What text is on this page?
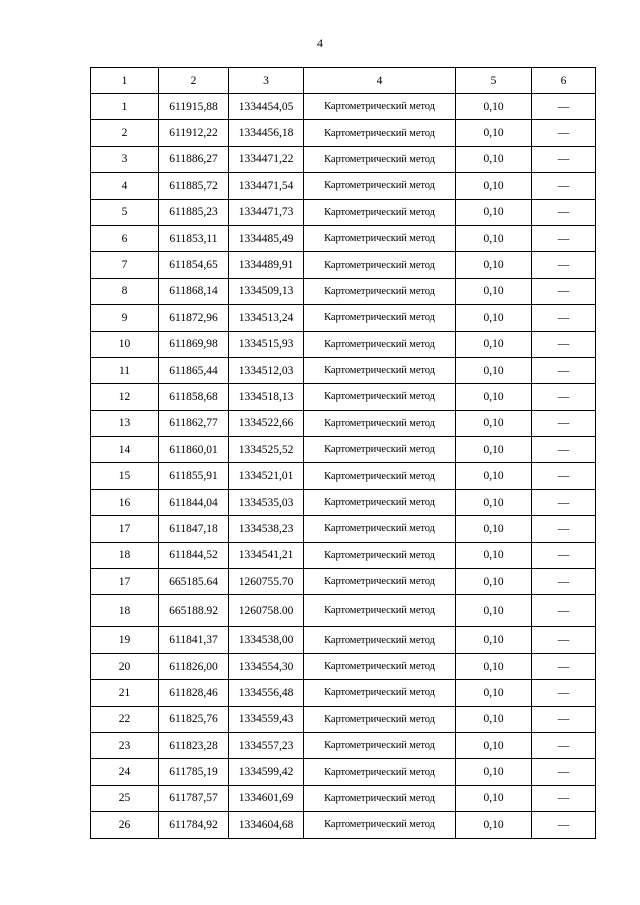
4
1	2	3	4	5	6
1	611915,88	1334454,05	Картометрический метод	0,10	—
2	611912,22	1334456,18	Картометрический метод	0,10	—
3	611886,27	1334471,22	Картометрический метод	0,10	—
4	611885,72	1334471,54	Картометрический метод	0,10	—
5	611885,23	1334471,73	Картометрический метод	0,10	—
6	611853,11	1334485,49	Картометрический метод	0,10	—
7	611854,65	1334489,91	Картометрический метод	0,10	—
8	611868,14	1334509,13	Картометрический метод	0,10	—
9	611872,96	1334513,24	Картометрический метод	0,10	—
10	611869,98	1334515,93	Картометрический метод	0,10	—
11	611865,44	1334512,03	Картометрический метод	0,10	—
12	611858,68	1334518,13	Картометрический метод	0,10	—
13	611862,77	1334522,66	Картометрический метод	0,10	—
14	611860,01	1334525,52	Картометрический метод	0,10	—
15	611855,91	1334521,01	Картометрический метод	0,10	—
16	611844,04	1334535,03	Картометрический метод	0,10	—
17	611847,18	1334538,23	Картометрический метод	0,10	—
18	611844,52	1334541,21	Картометрический метод	0,10	—
17	665185.64	1260755.70	Картометрический метод	0,10	—
18	665188.92	1260758.00	Картометрический метод	0,10	—
19	611841,37	1334538,00	Картометрический метод	0,10	—
20	611826,00	1334554,30	Картометрический метод	0,10	—
21	611828,46	1334556,48	Картометрический метод	0,10	—
22	611825,76	1334559,43	Картометрический метод	0,10	—
23	611823,28	1334557,23	Картометрический метод	0,10	—
24	611785,19	1334599,42	Картометрический метод	0,10	—
25	611787,57	1334601,69	Картометрический метод	0,10	—
26	611784,92	1334604,68	Картометрический метод	0,10	—
